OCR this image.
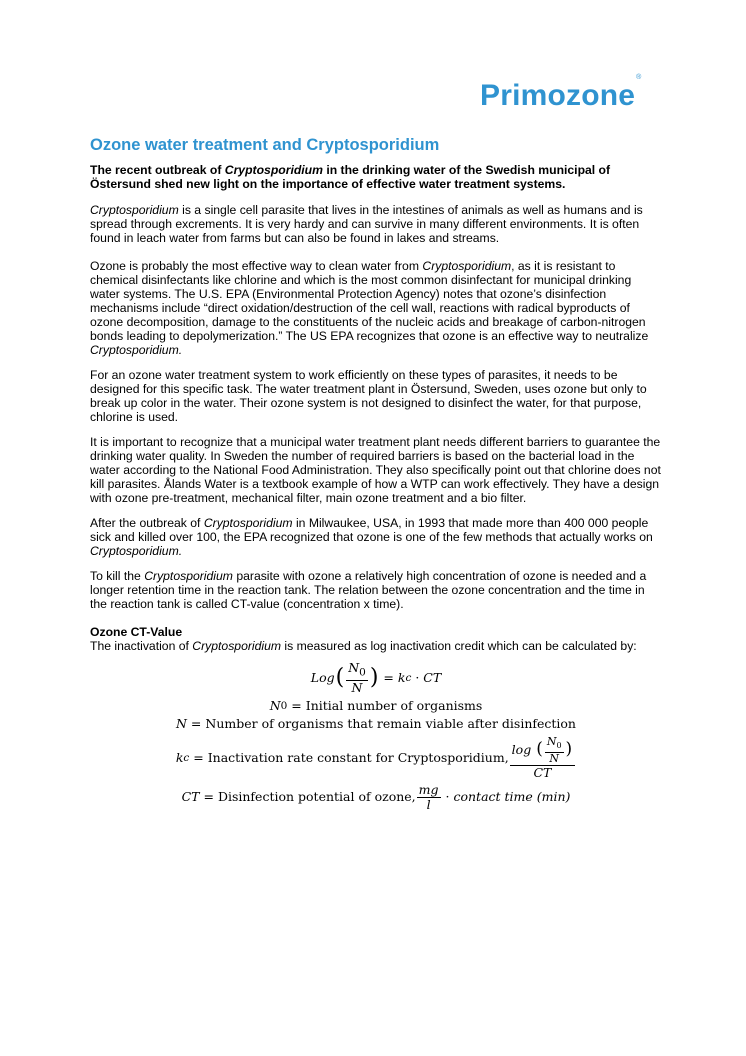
Primozone®
Ozone water treatment and Cryptosporidium

The recent outbreak of Cryptosporidium in the drinking water of the Swedish municipal of Östersund shed new light on the importance of effective water treatment systems.

Cryptosporidium is a single cell parasite that lives in the intestines of animals as well as humans and is spread through excrements. It is very hardy and can survive in many different environments. It is often found in leach water from farms but can also be found in lakes and streams.

Ozone is probably the most effective way to clean water from Cryptosporidium, as it is resistant to chemical disinfectants like chlorine and which is the most common disinfectant for municipal drinking water systems. The U.S. EPA (Environmental Protection Agency) notes that ozone’s disinfection mechanisms include “direct oxidation/destruction of the cell wall, reactions with radical byproducts of ozone decomposition, damage to the constituents of the nucleic acids and breakage of carbon-nitrogen bonds leading to depolymerization.” The US EPA recognizes that ozone is an effective way to neutralize Cryptosporidium.

For an ozone water treatment system to work efficiently on these types of parasites, it needs to be designed for this specific task. The water treatment plant in Östersund, Sweden, uses ozone but only to break up color in the water. Their ozone system is not designed to disinfect the water, for that purpose, chlorine is used.

It is important to recognize that a municipal water treatment plant needs different barriers to guarantee the drinking water quality. In Sweden the number of required barriers is based on the bacterial load in the water according to the National Food Administration. They also specifically point out that chlorine does not kill parasites. Ålands Water is a textbook example of how a WTP can work effectively. They have a design with ozone pre-treatment, mechanical filter, main ozone treatment and a bio filter.

After the outbreak of Cryptosporidium in Milwaukee, USA, in 1993 that made more than 400 000 people sick and killed over 100, the EPA recognized that ozone is one of the few methods that actually works on Cryptosporidium.

To kill the Cryptosporidium parasite with ozone a relatively high concentration of ozone is needed and a longer retention time in the reaction tank. The relation between the ozone concentration and the time in the reaction tank is called CT-value (concentration x time).

Ozone CT-Value

The inactivation of Cryptosporidium is measured as log inactivation credit which can be calculated by:

Log ( $\frac{N_0}{N}$ )
=
k c
·
CT
N 0
=
Initial number of organisms
N
=
Number of organisms that remain viable after disinfection
k c
=
Inactivation rate constant for Cryptosporidium, $\frac{\log ( \frac{N_0}{N} )}{CT}$
CT
=
Disinfection potential of ozone, $\frac{mg}{l}$
·
contact time (min)
